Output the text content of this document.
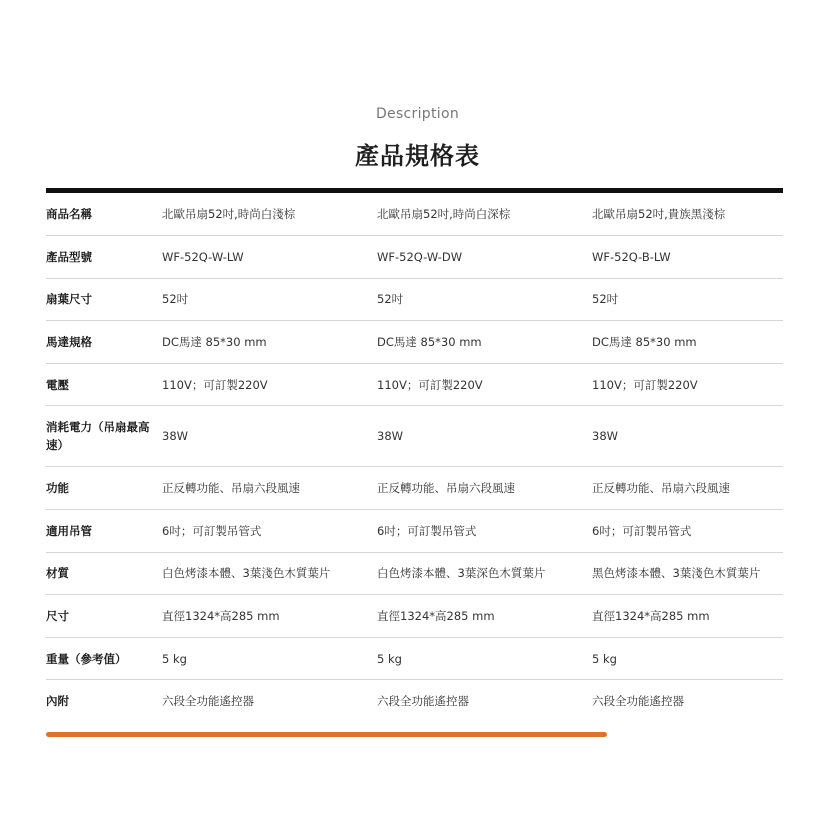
Description
產品規格表
商品名稱	北歐吊扇52吋,時尚白淺棕	北歐吊扇52吋,時尚白深棕	北歐吊扇52吋,貴族黑淺棕
產品型號	WF-52Q-W-LW	WF-52Q-W-DW	WF-52Q-B-LW
扇葉尺寸	52吋	52吋	52吋
馬達規格	DC馬達 85*30 mm	DC馬達 85*30 mm	DC馬達 85*30 mm
電壓	110V；可訂製220V	110V；可訂製220V	110V；可訂製220V
消耗電力（吊扇最高速）	38W	38W	38W
功能	正反轉功能、吊扇六段風速	正反轉功能、吊扇六段風速	正反轉功能、吊扇六段風速
適用吊管	6吋；可訂製吊管式	6吋；可訂製吊管式	6吋；可訂製吊管式
材質	白色烤漆本體、3葉淺色木質葉片	白色烤漆本體、3葉深色木質葉片	黑色烤漆本體、3葉淺色木質葉片
尺寸	直徑1324*高285 mm	直徑1324*高285 mm	直徑1324*高285 mm
重量（參考值）	5 kg	5 kg	5 kg
內附	六段全功能遙控器	六段全功能遙控器	六段全功能遙控器
